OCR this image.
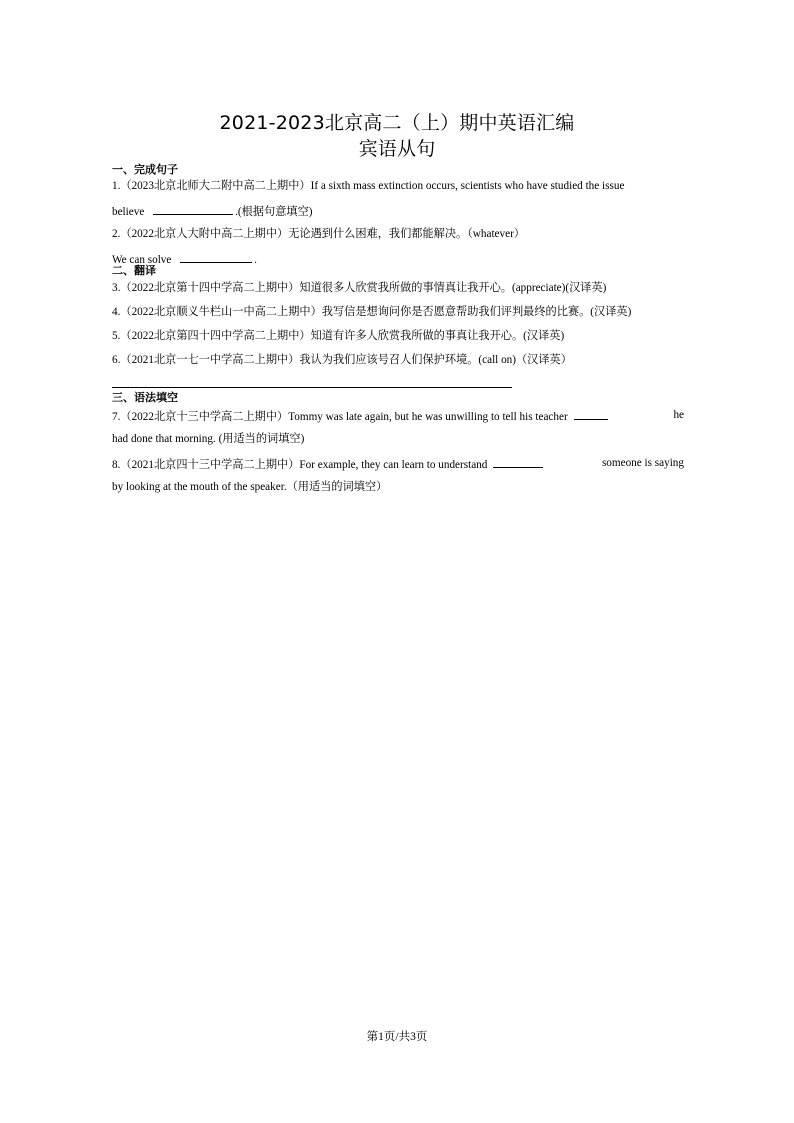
2021-2023北京高二（上）期中英语汇编
宾语从句
一、完成句子
1.（2023北京北师大二附中高二上期中）If a sixth mass extinction occurs, scientists who have studied the issue
believe	.(根据句意填空)
2.（2022北京人大附中高二上期中）无论遇到什么困难，我们都能解决。（whatever）
We can solve	.
二、翻译
3.（2022北京第十四中学高二上期中）知道很多人欣赏我所做的事情真让我开心。(appreciate)(汉译英)
4.（2022北京顺义牛栏山一中高二上期中）我写信是想询问你是否愿意帮助我们评判最终的比赛。(汉译英)
5.（2022北京第四十四中学高二上期中）知道有许多人欣赏我所做的事真让我开心。(汉译英)
6.（2021北京一七一中学高二上期中）我认为我们应该号召人们保护环境。(call on)（汉译英）
三、语法填空
7.（2022北京十三中学高二上期中）Tommy was late again, but he was unwilling to tell his teacher	he
had done that morning. (用适当的词填空)
8.（2021北京四十三中学高二上期中）For example, they can learn to understand	someone is saying
by looking at the mouth of the speaker.（用适当的词填空）
第1页/共3页
